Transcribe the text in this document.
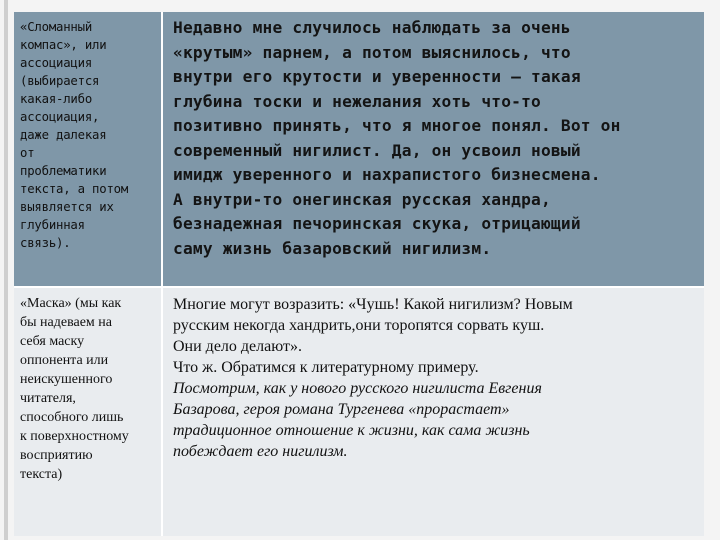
«Сломанный
компас», или
ассоциация
(выбирается
какая-либо
ассоциация,
даже далекая
от
проблематики
текста, а потом
выявляется их
глубинная
связь).
Недавно мне случилось наблюдать за очень
«крутым» парнем, а потом выяснилось, что
внутри его крутости и уверенности – такая
глубина тоски и нежелания хоть что-то
позитивно принять, что я многое понял. Вот он
современный нигилист. Да, он усвоил новый
имидж уверенного и нахрапистого бизнесмена.
А внутри-то онегинская русская хандра,
безнадежная печоринская скука, отрицающий
саму жизнь базаровский нигилизм.
«Маска» (мы как
бы надеваем на
себя маску
оппонента или
неискушенного
читателя,
способного лишь
к поверхностному
восприятию
текста)
Многие могут возразить: «Чушь! Какой нигилизм? Новым
русским некогда хандрить,они торопятся сорвать куш.
Они дело делают».
Что ж. Обратимся к литературному примеру.
Посмотрим, как у нового русского нигилиста Евгения
Базарова, героя романа Тургенева «прорастает»
традиционное отношение к жизни, как сама жизнь
побеждает его нигилизм.
